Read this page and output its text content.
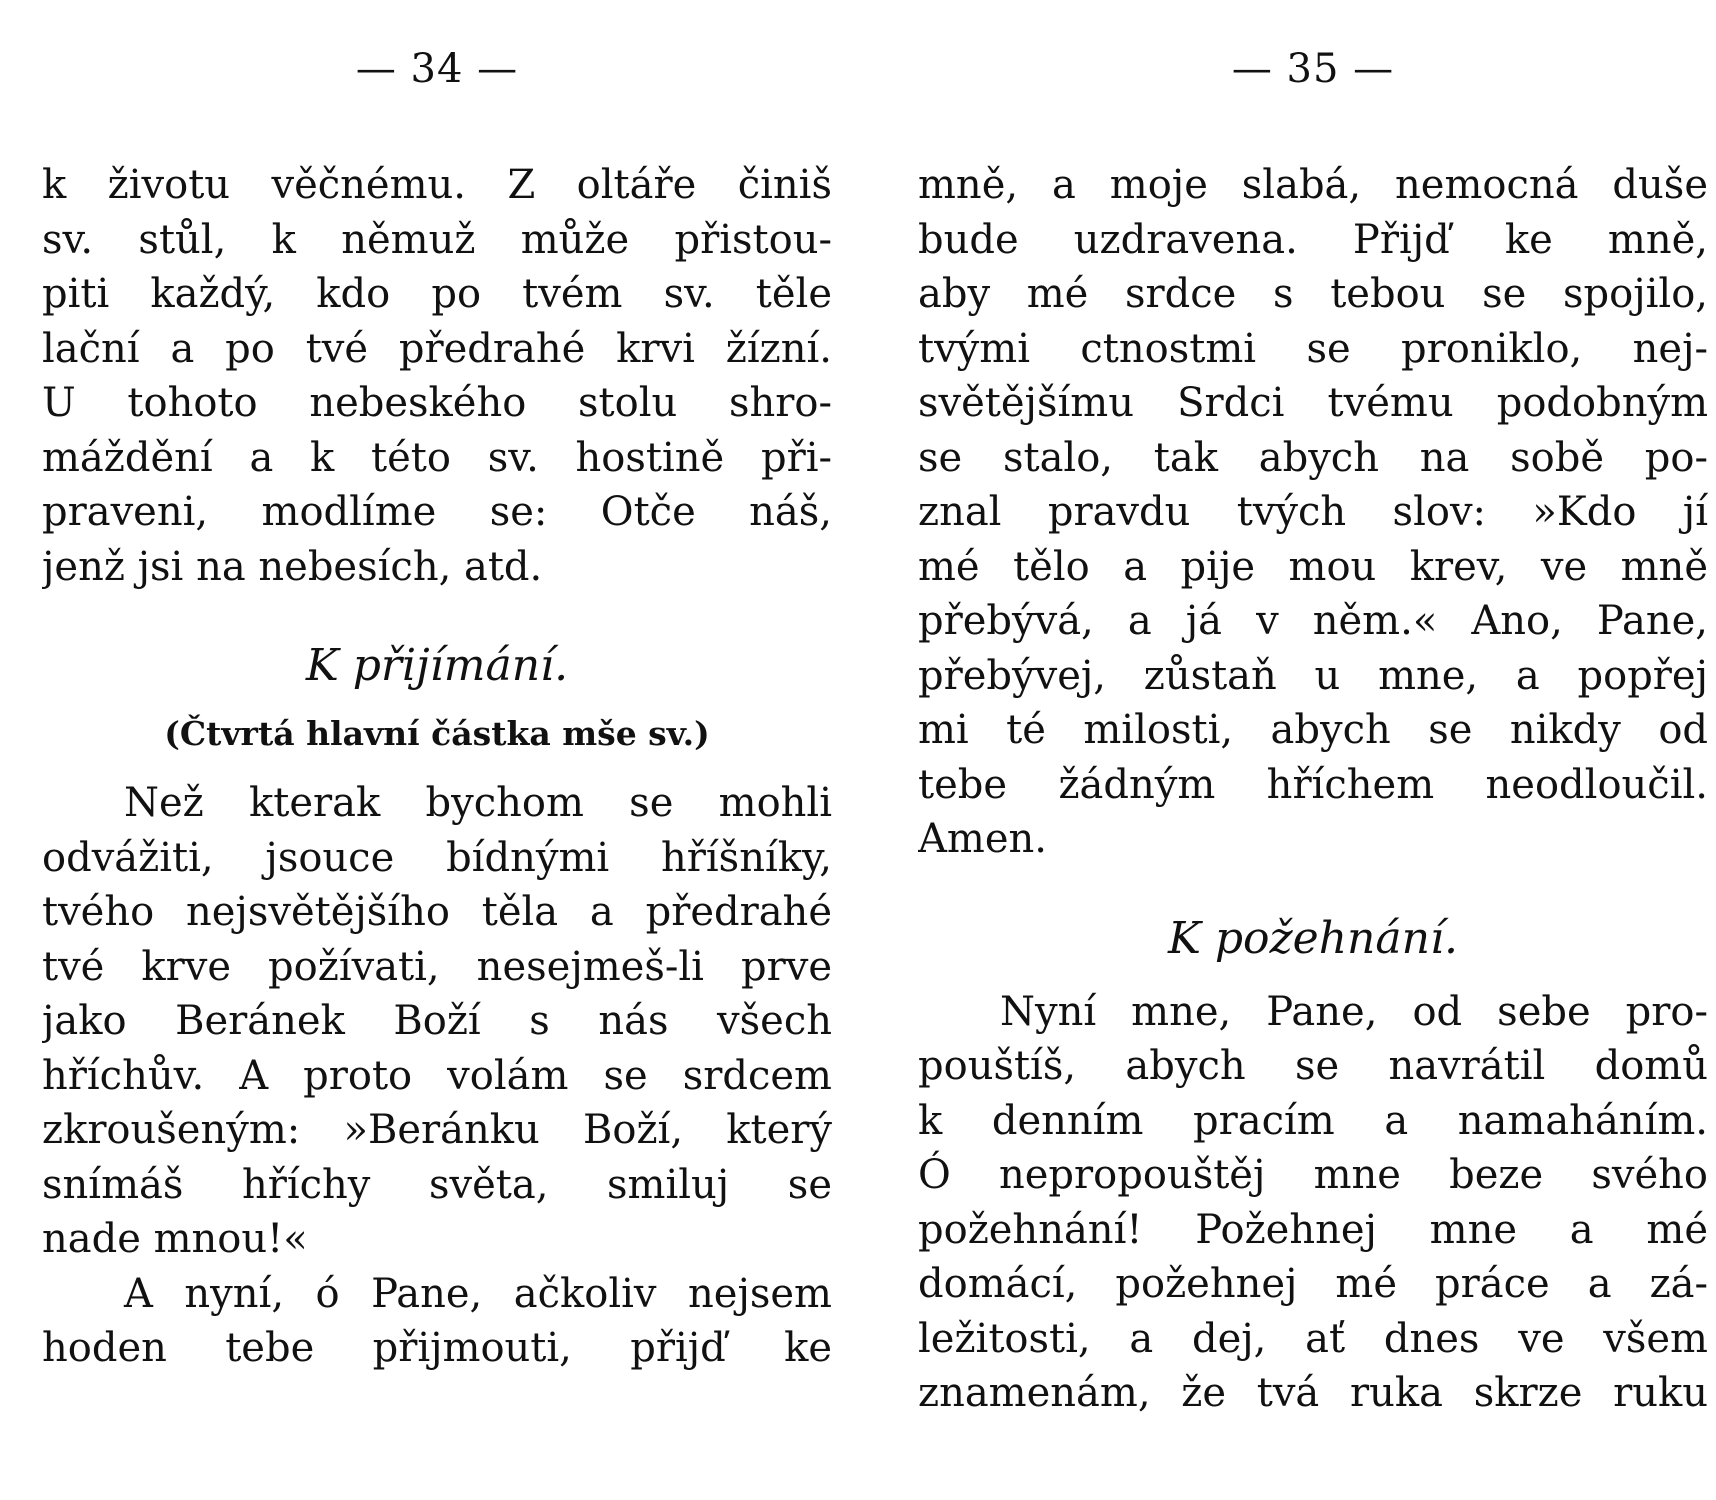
— 34 —
k životu věčnému. Z oltáře činiš
sv. stůl, k němuž může přistou-
piti každý, kdo po tvém sv. těle
lační a po tvé předrahé krvi žízní.
U tohoto nebeského stolu shro-
máždění a k této sv. hostině při-
praveni, modlíme se: Otče náš,
jenž jsi na nebesích, atd.
K přijímání.
(Čtvrtá hlavní částka mše sv.)
Než kterak bychom se mohli
odvážiti, jsouce bídnými hříšníky,
tvého nejsvětějšího těla a předrahé
tvé krve požívati, nesejmeš-li prve
jako Beránek Boží s nás všech
hříchův. A proto volám se srdcem
zkroušeným: »Beránku Boží, který
snímáš hříchy světa, smiluj se
nade mnou!«
A nyní, ó Pane, ačkoliv nejsem
hoden tebe přijmouti, přijď ke
— 35 —
mně, a moje slabá, nemocná duše
bude uzdravena. Přijď ke mně,
aby mé srdce s tebou se spojilo,
tvými ctnostmi se proniklo, nej-
světějšímu Srdci tvému podobným
se stalo, tak abych na sobě po-
znal pravdu tvých slov: »Kdo jí
mé tělo a pije mou krev, ve mně
přebývá, a já v něm.« Ano, Pane,
přebývej, zůstaň u mne, a popřej
mi té milosti, abych se nikdy od
tebe žádným hříchem neodloučil.
Amen.
K požehnání.
Nyní mne, Pane, od sebe pro-
pouštíš, abych se navrátil domů
k denním pracím a namaháním.
Ó nepropouštěj mne beze svého
požehnání! Požehnej mne a mé
domácí, požehnej mé práce a zá-
ležitosti, a dej, ať dnes ve všem
znamenám, že tvá ruka skrze ruku
